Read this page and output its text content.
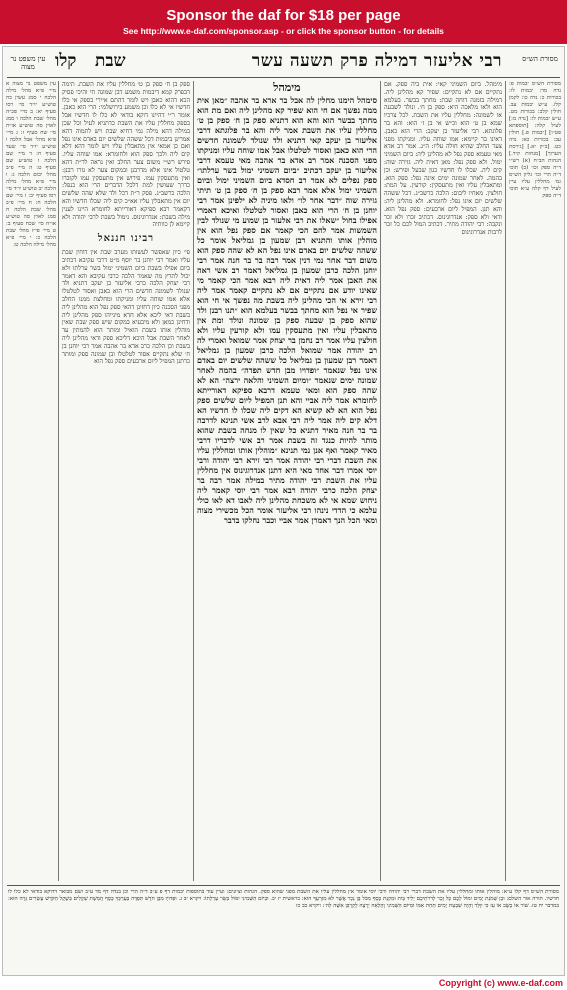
Sponsor the daf for $18 per page
See http://www.e-daf.com/sponsor.asp - or click the sponsor button - for details
מסורת הש״ס
רבי אליעזר דמילה פרק תשעה עשר
שבת
קלו
עין משפט נר מצוה
מסורת הש״ס יבמות פ: נדה מד: יבמות לו: בכורות כ: נדה כו: לקמן קלז. ע״ש יבמות עב. חולין קלב: בכורות מט. ע״ש יבמות לו: [נדה מ:] לעיל קלה: [תוספתא פט״ו] [יבמות פ.] חולין עב: בכורות כא: נדה כט. [ב״ק יא.] [גירסת הערוך] [מנחות קיד.] הגהות הב״ח (א) רש״י ד״ה ספק וכו׳ (ב) תוס׳ ד״ה הרי וכו׳ גליון הש״ס גמ׳ מחללין עליו עיין לעיל דף קלה ע״א תוס׳ ד״ה ספק
מימהל. ביום השמיני קאי: אית ביה ספק. אם נתקיים אם לא נתקיים: שפיר קא מהלינן ליה. דמילה בזמנה דוחה שבת: מחתך בבשר. בעלמא הוא ולאו מלאכה היא: ספק בן ח׳. ונולד לשבעה או לשמונה: מחללין עליו את השבת. לכל צרכיו שמא בן ט׳ הוא וכ״ש אי בן ז׳ הוא: והא בר פלוגתא. רבי אליעזר בן יעקב: הרי הוא כאבן. דאינו בר קיימא: אמו שוחה עליו. ומניקתו מפני צער החלב שהיא חולה עליו: ה״ג. אמר רב אדא מאי טעמא ספק נפל לא מהלינן ליה: ביום השמיני ימול. ולא ספק נפל: מאן דאית ליה. גזירה שוה: קים ליה. שכלו לו חדשיו כגון שבעל ופירש: וכן בהמה. לאחר שמונה ימים אינה נפל: ספק הוא. ומתאבלין עליו ואין מתעסקין: קורעין. על המת: חולצין. מאחיו ליבום: הלכה כרשב״ג. דכל ששהה שלשים יום אינו נפל: לחומרא. ולא מהלינן ליה: והא תנן. המפיל ליום ארבעים: ספק נפל הוא. ודאי ולא ספק: אנדרוגינוס. דכתיב זכרו ולא זכר ונקבה: רבי יהודה מתיר. דכתיב המול לכם כל זכר לרבות אנדרוגינוס
מימהל
סימהל הימנו מחלין לה אבל בר ארא בר אהבה ״מאן אית ממה נפשך אם חי הוא שפיר קא מהלינן ליה ואם מת הוא מחתך בבשר הוא והא הוא דתניא ספק בן ח׳ ספק בן ט׳ מחללין עליו את השבת אמר ליה והא בר פלוגתא דרבי אליעזר בן יעקב קאי דתניא ולד שנולד לשמונה חדשים הרי הוא כאבן ואסור לטלטלו אבל אמו שוחה עליו ומניקתו מפני הסכנה אמר רב אדא בר אהבה מאי טעמא דרבי אליעזר בן יעקב דכתיב ״ביום השמיני ימול בשר ערלתו״ ספק נפלים לא אמר רב חסדא ביום השמיני ימול וביום השמיני ימול אלא אמר רבא ספק בן ח׳ ספק בן ט׳ תיתי גזירה שוה ״דבר אחר לו״ ולאו מיניה לא ילפינן אמר רבי יוחנן בן ח׳ הרי הוא כאבן ואסור לטלטלו ואיכא דאמרי אפילו בחול ״שאלו את רבי אלעזר בן שמוע מי שנולד לבין השמשות אמר להם הכי קאמר אם ספק נפל הוא אין מוהלין אותו והתניא רבן שמעון בן גמליאל אומר כל ששהה שלשים יום באדם אינו נפל הא לא שהה ספק הוא משום דבר אחר נמי דנין אמר רבה בר בר חנה אמר רבי יוחנן הלכה כרבן שמעון בן גמליאל דאמר רב אשי ראה את האבן אמר ליה דאית ליה רבא אמר הכי קאמר מי שאינו יודע אם נתקיים אם לא נתקיים קאמר אמר ליה רבי זירא אי הכי מהלינן ליה בשבת מה נפשך אי חי הוא שפיר אי נפל הוא מחתך בבשר בעלמא הוא ״תנו רבנן ולד שהוא ספק בן שבעה ספק בן שמונה ונולד ומת אין מתאבלין עליו ואין מתעסקין עמו ולא קורעין עליו ולא חולצין עליו אמר רב נחמן בר יצחק אמר שמואל ואמרי לה רב יהודה אמר שמואל הלכה כרבן שמעון בן גמליאל דאמר רבן שמעון בן גמליאל כל ששהה שלשים יום באדם אינו נפל שנאמר ״ופדויו מבן חדש תפדה״ בהמה לאחר שמונה ימים שנאמר ״ומיום השמיני והלאה ירצה״ הא לא שהה ספק הוא ומאי טעמא דרבא ספיקא דאורייתא לחומרא אמר ליה אביי והא תנן המפיל ליום שלשים ספק נפל הוא הא לא קשיא הא דקים ליה שכלו לו חדשיו הא דלא קים ליה אמר ליה רבי אבא לרב אשי תנינא לדרבה בר בר חנה מאיר דתניא כל שאין לו מנחה בשבת שהוא מותר להיות כנגד זה בשבת אמר רב אשי לדבריו דרבי מאיר קאמר ואף אנן נמי תנינא ״מוהלין אותו ומחללין עליו את השבת דברי רבי יהודה אמר רבי זירא רבי יהודה ורבי יוסי אמרו דבר אחד מאי היא דתנן אנדרוגינוס אין מחללין עליו את השבת רבי יהודה מתיר במילה אמר רבה בר יצחק הלכה כרבי יהודה רבא אמר רבי יוסי קאמר ליה ניחוש שמא אי לא משכחת מהלינן ליה לאבו דא לאו כולי עלמא כי הדדי נינהו רבי אליעזר אומר הכל מכשירי מצוה ומאי הכל הנך דאמרן אמר אביי וכבר נחלקו בדבר
ספק בן ח׳ ספק בן ט׳ מחללין עליו את השבת. תימה דבפרק קמא דיבמות משמע דבן שמונה חי והיכי פסיק הכא דהוא כאבן ויש לומר דהתם איירי בספק אי כלו חדשיו אי לא כלו וכן משמע בירושלמי: הרי הוא כאבן. אומר ר״י דהיינו דוקא בודאי לא כלו לו חדשיו אבל בספק מחללין עליו את השבת כדתניא לעיל וכל שכן במילה דהא מילה נמי דחיא שבת ויש לתמוה דהא אמרינן ביבמות דכל ששהה שלשים יום באדם אינו נפל ואם כן אמאי אין מתאבלין עליו ויש לומר דהא דלא קים ליה ולכך ספק הוא ולחומרא: אמו שוחה עליו. פירש רש״י משום צער החלב ואין נראה לר״ת דהא טלטול אינו אלא מדרבנן ובמקום צער לא גזרו רבנן: ואין מתעסקין עמו. פירוש אין מתעסקין עמו לקוברו כדרך שעושין למת דלכל הדברים הרי הוא כנפל: הלכה כרשב״ג. פסק ר״ת דכל ולד שלא שהה שלשים יום אין מתאבלין עליו אא״כ קים ליה שכלו חדשיו והא דקאמר רבא ספיקא דאורייתא לחומרא היינו לענין מילה בשבת: אנדרוגינוס. נימול בשבת לרבי יהודה ולא קיימא לן כוותיה
רבינו חננאל
פי׳ כיון שאפשר לעשותו מערב שבת אין דוחין שבת עליו ואמר רבי יוחנן בר יוסף מ״ט דרבי עקיבא דכתיב ביום אפילו בשבת ביום השמיני ימול בשר ערלתו ולא יכול לתרץ מה שאמר הלכה כרבי עקיבא והא דאמר רבי יצחק הלכה כרבי אליעזר בן יעקב דתניא ולד שנולד לשמונה חדשים הרי הוא כאבן ואסור לטלטלו אלא אמו שוחה עליו ומניקתו ומחלצת ממנו החלב מפני הסכנה כיון דחזינן דהאי ספק נפל הוא מהלינן ליה בשבת דאי ליכא אלא חדא מינייהו ספק מהלינן ליה ודחינן כמאן ולא מיבעיא במקום שיש ספק שבת שאין מוהלין אותו בשבת הואיל ומותר הוא להמתין עד לאחר השבת אבל היכא דליכא ספק ודאי מהלינן ליה בשבת וכן הלכה כרב אדא בר אהבה אמר רבי יוחנן בן ח׳ שלא נתקיים אסור לטלטלו ובן שמונה ספק ומותר כדתנן המפיל ליום ארבעים ספק נפל הוא
עין משפט נר מצוה א מיי׳ פ״א מהל׳ מילה הלכה י סמג עשין כח טוש״ע יו״ד סי׳ רסו סעיף יא: ב מיי׳ פכ״ה מהל׳ שבת הלכה ו סמג לאוין סה טוש״ע או״ח סי׳ שח סעיף ז: ג מיי׳ פ״א מהל׳ אבל הלכה ו טוש״ע יו״ד סי׳ שעד סעיף ח: ד מיי׳ שם הלכה ז טוש״ע שם סעיף ט: ה מיי׳ פ״ב מהל׳ יבום הלכה ג: ו מיי׳ פ״א מהל׳ מילה הלכה יב טוש״ע יו״ד סי׳ רסו סעיף יב: ז מיי׳ שם הלכה ח: ח מיי׳ פ״ב מהל׳ שבת הלכה ח סמג לאוין סה טוש״ע או״ח סי׳ שכח סעיף ב: ט מיי׳ פי״ז מהל׳ שבת הלכה כ: י מיי׳ פ״א מהל׳ מילה הלכה ט:
מסורת הש״ס דף קלו ע״א: מוהלין אותו ומחללין עליו את השבת דברי רבי יהודה ורבי יוסי אומר אין מחללין עליו את השבת מפני שהוא ספק. הגהות וציונים: ועיין עוד בתוספות יבמות דף פ ע״ב ד״ה הרי וכן בנדה דף מד ע״ב ושם מבואר דדוקא בודאי לא כלו לו חדשיו. תורה אור השלם: וּבֶן שְׁמֹנַת יָמִים יִמּוֹל לָכֶם כָּל זָכָר לְדֹרֹתֵיכֶם יְלִיד בָּיִת וּמִקְנַת כֶּסֶף מִכֹּל בֶּן נֵכָר אֲשֶׁר לֹא מִזַּרְעֲךָ הוּא: בראשית יז יב. וּבַיּוֹם הַשְּׁמִינִי יִמּוֹל בְּשַׂר עָרְלָתוֹ: ויקרא יב ג. וּפְדוּיָו מִבֶּן חֹדֶשׁ תִּפְדֶּה בְּעֶרְכְּךָ כֶּסֶף חֲמֵשֶׁת שְׁקָלִים בְּשֶׁקֶל הַקֹּדֶשׁ עֶשְׂרִים גֵּרָה הוּא: במדבר יח טז. שׁוֹר אוֹ כֶשֶׂב אוֹ עֵז כִּי יִוָּלֵד וְהָיָה שִׁבְעַת יָמִים תַּחַת אִמּוֹ וּמִיּוֹם הַשְּׁמִינִי וָהָלְאָה יֵרָצֶה לְקָרְבַּן אִשֶּׁה לַה׳: ויקרא כב כז
Copyright (c) www.e-daf.com
